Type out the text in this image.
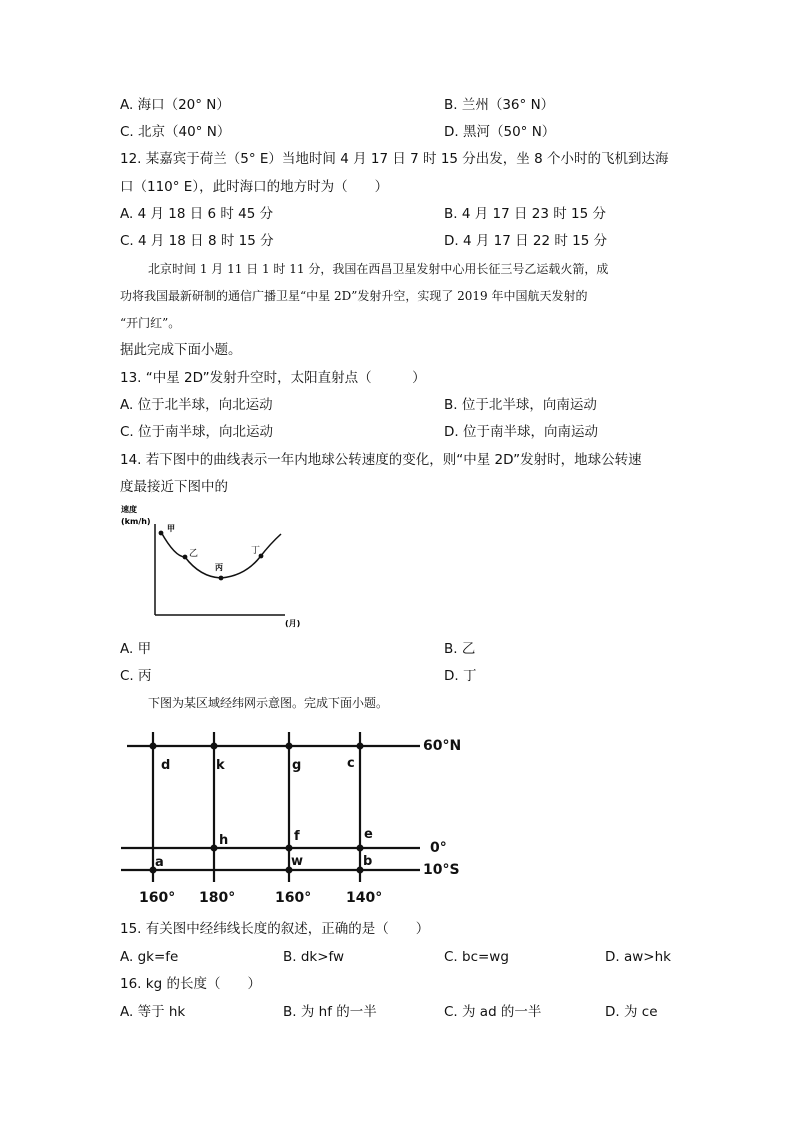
A. 海口（20° N）	B. 兰州（36° N）
C. 北京（40° N）	D. 黑河（50° N）
12. 某嘉宾于荷兰（5° E）当地时间 4 月 17 日 7 时 15 分出发，坐 8 个小时的飞机到达海
口（110° E），此时海口的地方时为（　　）
A. 4 月 18 日 6 时 45 分	B. 4 月 17 日 23 时 15 分
C. 4 月 18 日 8 时 15 分	D. 4 月 17 日 22 时 15 分
北京时间 1 月 11 日 1 时 11 分，我国在西昌卫星发射中心用长征三号乙运载火箭，成
功将我国最新研制的通信广播卫星“中星 2D”发射升空，实现了 2019 年中国航天发射的
“开门红”。
据此完成下面小题。
13. “中星 2D”发射升空时，太阳直射点（　　　）
A. 位于北半球，向北运动	B. 位于北半球，向南运动
C. 位于南半球，向北运动	D. 位于南半球，向南运动
14. 若下图中的曲线表示一年内地球公转速度的变化，则“中星 2D”发射时，地球公转速
度最接近下图中的
速度
(km/h)
甲
乙
丙
丁
(月)
A. 甲	B. 乙
C. 丙	D. 丁
下图为某区域经纬网示意图。完成下面小题。
d	k	g	c
h	f	e
a	w	b
60°N
0°
10°S
160° 180°	160° 140°
15. 有关图中经纬线长度的叙述，正确的是（　　）
A. gk=fe	B. dk>fw	C. bc=wg	D. aw>hk
16. kg 的长度（　　）
A. 等于 hk	B. 为 hf 的一半	C. 为 ad 的一半	D. 为 ce
